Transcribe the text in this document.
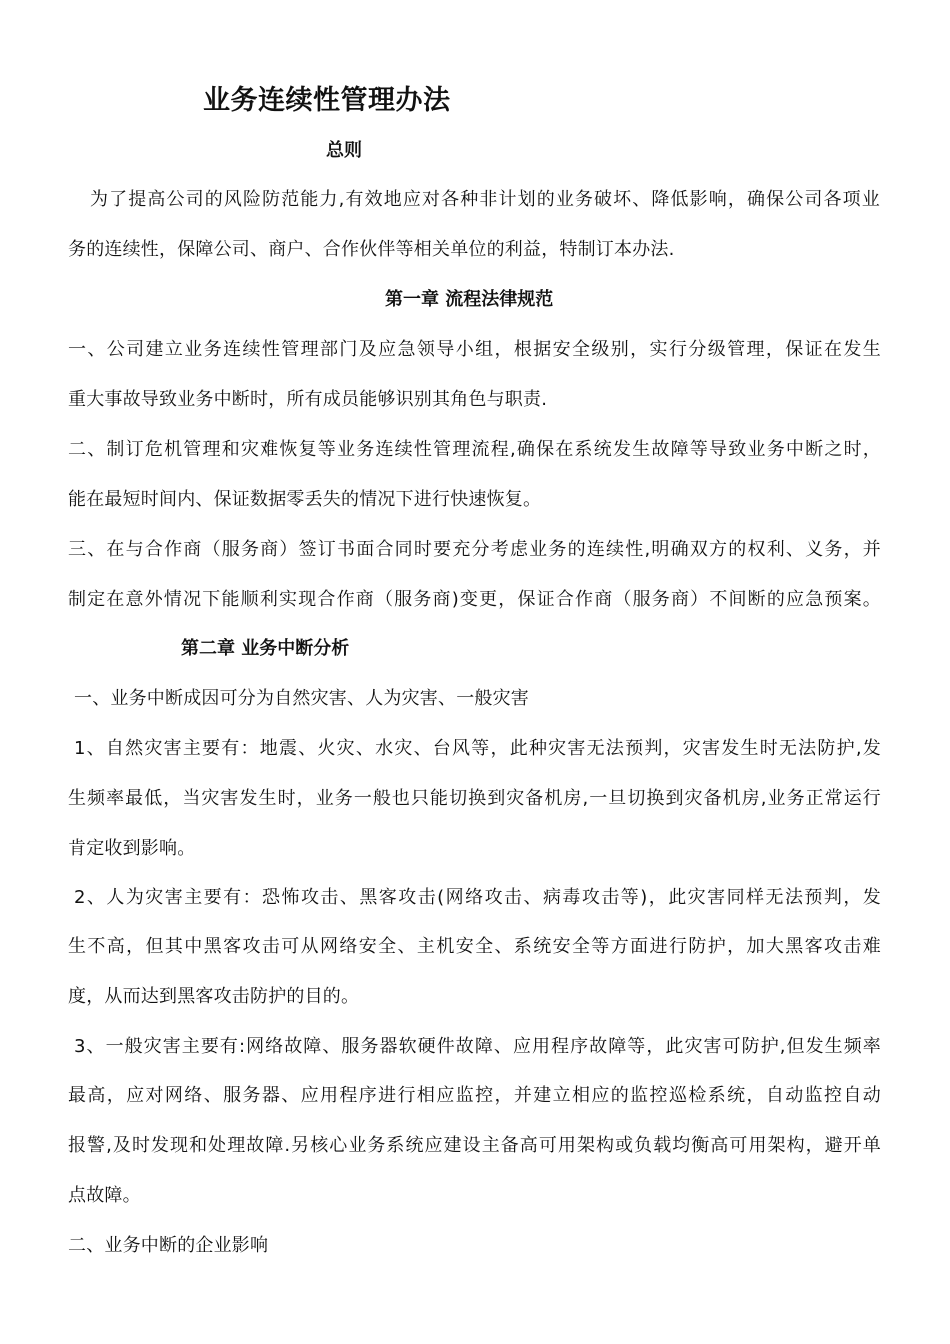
业务连续性管理办法
总则
为了提高公司的风险防范能力,有效地应对各种非计划的业务破坏、降低影响，确保公司各项业
务的连续性，保障公司、商户、合作伙伴等相关单位的利益，特制订本办法.
第一章 流程法律规范
一、公司建立业务连续性管理部门及应急领导小组，根据安全级别，实行分级管理，保证在发生
重大事故导致业务中断时，所有成员能够识别其角色与职责.
二、制订危机管理和灾难恢复等业务连续性管理流程,确保在系统发生故障等导致业务中断之时，
能在最短时间内、保证数据零丢失的情况下进行快速恢复。
三、在与合作商（服务商）签订书面合同时要充分考虑业务的连续性,明确双方的权利、义务，并
制定在意外情况下能顺利实现合作商（服务商)变更，保证合作商（服务商）不间断的应急预案。
第二章 业务中断分析
一、业务中断成因可分为自然灾害、人为灾害、一般灾害
1、自然灾害主要有：地震、火灾、水灾、台风等，此种灾害无法预判，灾害发生时无法防护,发
生频率最低，当灾害发生时，业务一般也只能切换到灾备机房,一旦切换到灾备机房,业务正常运行
肯定收到影响。
2、人为灾害主要有：恐怖攻击、黑客攻击(网络攻击、病毒攻击等)，此灾害同样无法预判，发
生不高，但其中黑客攻击可从网络安全、主机安全、系统安全等方面进行防护，加大黑客攻击难
度，从而达到黑客攻击防护的目的。
3、一般灾害主要有:网络故障、服务器软硬件故障、应用程序故障等，此灾害可防护,但发生频率
最高，应对网络、服务器、应用程序进行相应监控，并建立相应的监控巡检系统，自动监控自动
报警,及时发现和处理故障.另核心业务系统应建设主备高可用架构或负载均衡高可用架构，避开单
点故障。
二、业务中断的企业影响
